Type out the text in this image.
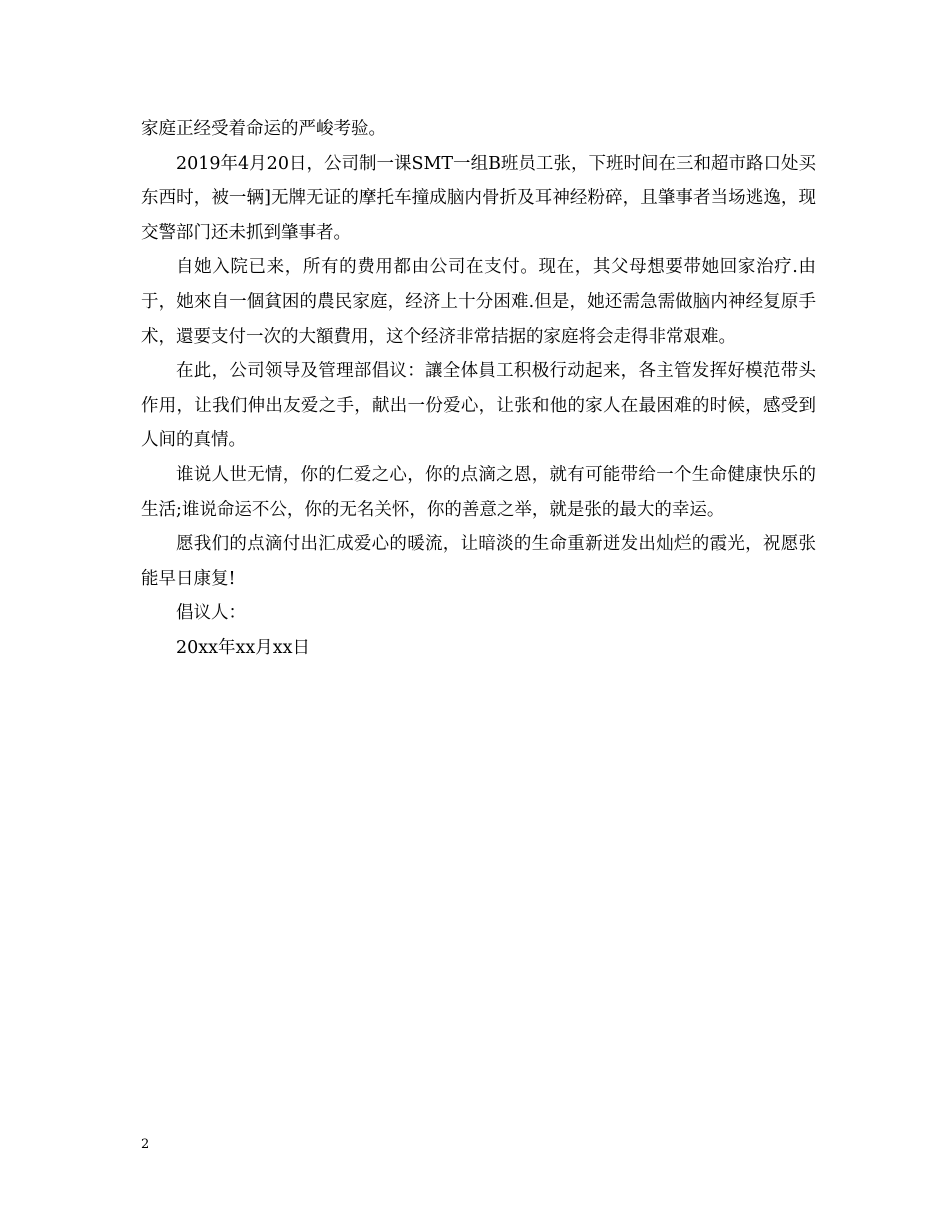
家庭正经受着命运的严峻考验。

2019年4月20日，公司制一课SMT一组B班员工张，下班时间在三和超市路口处买东西时，被一辆]无牌无证的摩托车撞成脑内骨折及耳神经粉碎，且肇事者当场逃逸，现交警部门还未抓到肇事者。

自她入院已来，所有的费用都由公司在支付。现在，其父母想要带她回家治疗.由于，她來自一個貧困的農民家庭，经济上十分困难.但是，她还需急需做脑内神经复原手术，還要支付一次的大額費用，这个经济非常拮据的家庭将会走得非常艰难。

在此，公司领导及管理部倡议：讓全体員工积极行动起来，各主管发挥好模范带头作用，让我们伸出友爱之手，献出一份爱心，让张和他的家人在最困难的时候，感受到人间的真情。

谁说人世无情，你的仁爱之心，你的点滴之恩，就有可能带给一个生命健康快乐的生活;谁说命运不公，你的无名关怀，你的善意之举，就是张的最大的幸运。

愿我们的点滴付出汇成爱心的暖流，让暗淡的生命重新迸发出灿烂的霞光，祝愿张能早日康复!

倡议人：

20xx年xx月xx日

2
